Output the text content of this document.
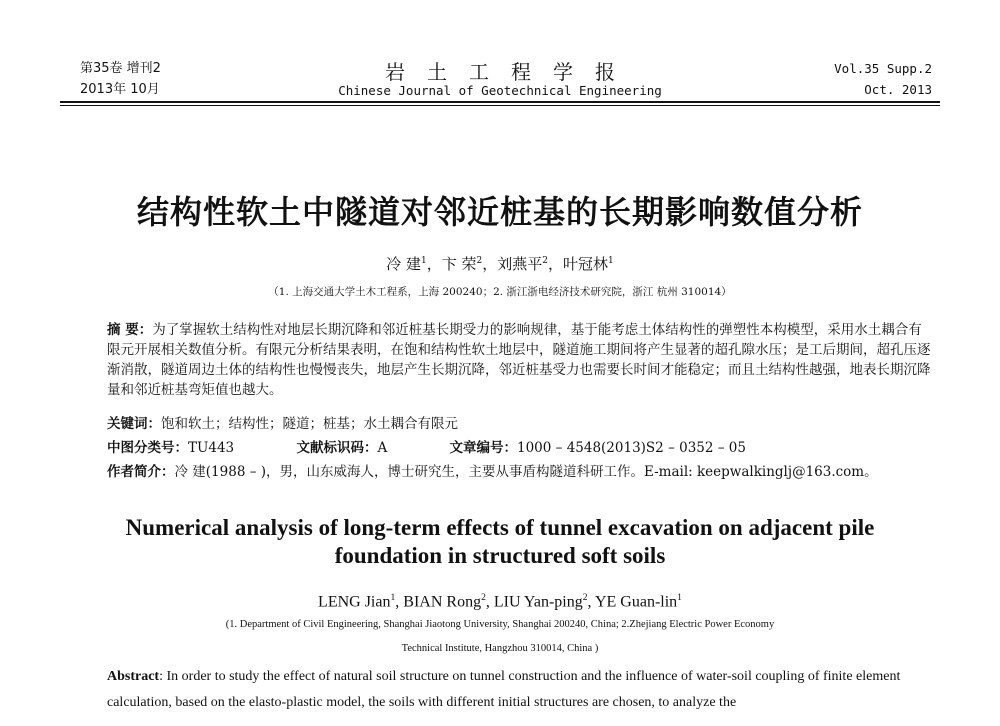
第35卷 增刊2
2013年 10月
岩土工程学报
Chinese Journal of Geotechnical Engineering
Vol.35 Supp.2
Oct. 2013
结构性软土中隧道对邻近桩基的长期影响数值分析
冷 建$^1$，卞 荣$^2$，刘燕平$^2$，叶冠林$^1$
（1. 上海交通大学土木工程系，上海 200240；2. 浙江浙电经济技术研究院，浙江 杭州 310014）
摘 要：为了掌握软土结构性对地层长期沉降和邻近桩基长期受力的影响规律，基于能考虑土体结构性的弹塑性本构模型，采用水土耦合有限元开展相关数值分析。有限元分析结果表明，在饱和结构性软土地层中，隧道施工期间将产生显著的超孔隙水压；是工后期间，超孔压逐渐消散，隧道周边土体的结构性也慢慢丧失，地层产生长期沉降，邻近桩基受力也需要长时间才能稳定；而且土结构性越强，地表长期沉降量和邻近桩基弯矩值也越大。
关键词：饱和软土；结构性；隧道；桩基；水土耦合有限元
中图分类号：TU443	文献标识码：A	文章编号：1000 – 4548(2013)S2 – 0352 – 05
作者简介：冷 建(1988 – )，男，山东威海人，博士研究生，主要从事盾构隧道科研工作。E-mail: keepwalkinglj@163.com。
Numerical analysis of long-term effects of tunnel excavation on adjacent pile foundation in structured soft soils
LENG Jian$^1$, BIAN Rong$^2$, LIU Yan-ping$^2$, YE Guan-lin$^1$
(1. Department of Civil Engineering, Shanghai Jiaotong University, Shanghai 200240, China; 2.Zhejiang Electric Power Economy
Technical Institute, Hangzhou 310014, China )
Abstract: In order to study the effect of natural soil structure on tunnel construction and the influence of water-soil coupling of finite element calculation, based on the elasto-plastic model, the soils with different initial structures are chosen, to analyze the
